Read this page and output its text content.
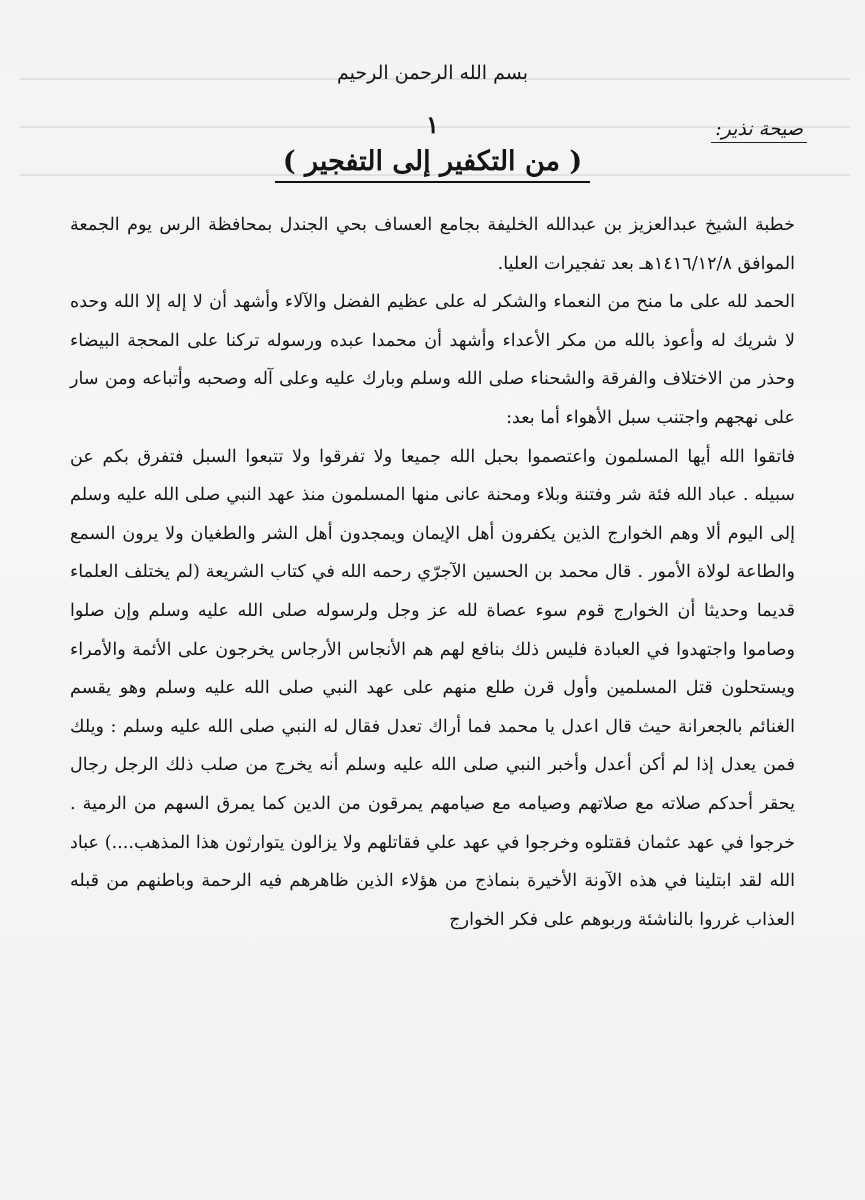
بسم الله الرحمن الرحيم
صيحة نذير:
١
( من التكفير إلى التفجير )

خطبة الشيخ عبدالعزيز بن عبدالله الخليفة بجامع العساف بحي الجندل بمحافظة الرس يوم الجمعة الموافق ١٤١٦/١٢/٨هـ بعد تفجيرات العليا.

الحمد لله على ما منح من النعماء والشكر له على عظيم الفضل والآلاء وأشهد أن لا إله إلا الله وحده لا شريك له وأعوذ بالله من مكر الأعداء وأشهد أن محمدا عبده ورسوله تركنا على المحجة البيضاء وحذر من الاختلاف والفرقة والشحناء صلى الله وسلم وبارك عليه وعلى آله وصحبه وأتباعه ومن سار على نهجهم واجتنب سبل الأهواء أما بعد:

فاتقوا الله أيها المسلمون واعتصموا بحبل الله جميعا ولا تفرقوا ولا تتبعوا السبل فتفرق بكم عن سبيله . عباد الله فئة شر وفتنة وبلاء ومحنة عانى منها المسلمون منذ عهد النبي صلى الله عليه وسلم إلى اليوم ألا وهم الخوارج الذين يكفرون أهل الإيمان ويمجدون أهل الشر والطغيان ولا يرون السمع والطاعة لولاة الأمور . قال محمد بن الحسين الآجرّي رحمه الله في كتاب الشريعة (لم يختلف العلماء قديما وحديثا أن الخوارج قوم سوء عصاة لله عز وجل ولرسوله صلى الله عليه وسلم وإن صلوا وصاموا واجتهدوا في العبادة فليس ذلك بنافع لهم هم الأنجاس الأرجاس يخرجون على الأئمة والأمراء ويستحلون قتل المسلمين وأول قرن طلع منهم على عهد النبي صلى الله عليه وسلم وهو يقسم الغنائم بالجعرانة حيث قال اعدل يا محمد فما أراك تعدل فقال له النبي صلى الله عليه وسلم : ويلك فمن يعدل إذا لم أكن أعدل وأخبر النبي صلى الله عليه وسلم أنه يخرج من صلب ذلك الرجل رجال يحقر أحدكم صلاته مع صلاتهم وصيامه مع صيامهم يمرقون من الدين كما يمرق السهم من الرمية . خرجوا في عهد عثمان فقتلوه وخرجوا في عهد علي فقاتلهم ولا يزالون يتوارثون هذا المذهب....) عباد الله لقد ابتلينا في هذه الآونة الأخيرة بنماذج من هؤلاء الذين ظاهرهم فيه الرحمة وباطنهم من قبله العذاب غرروا بالناشئة وربوهم على فكر الخوارج
